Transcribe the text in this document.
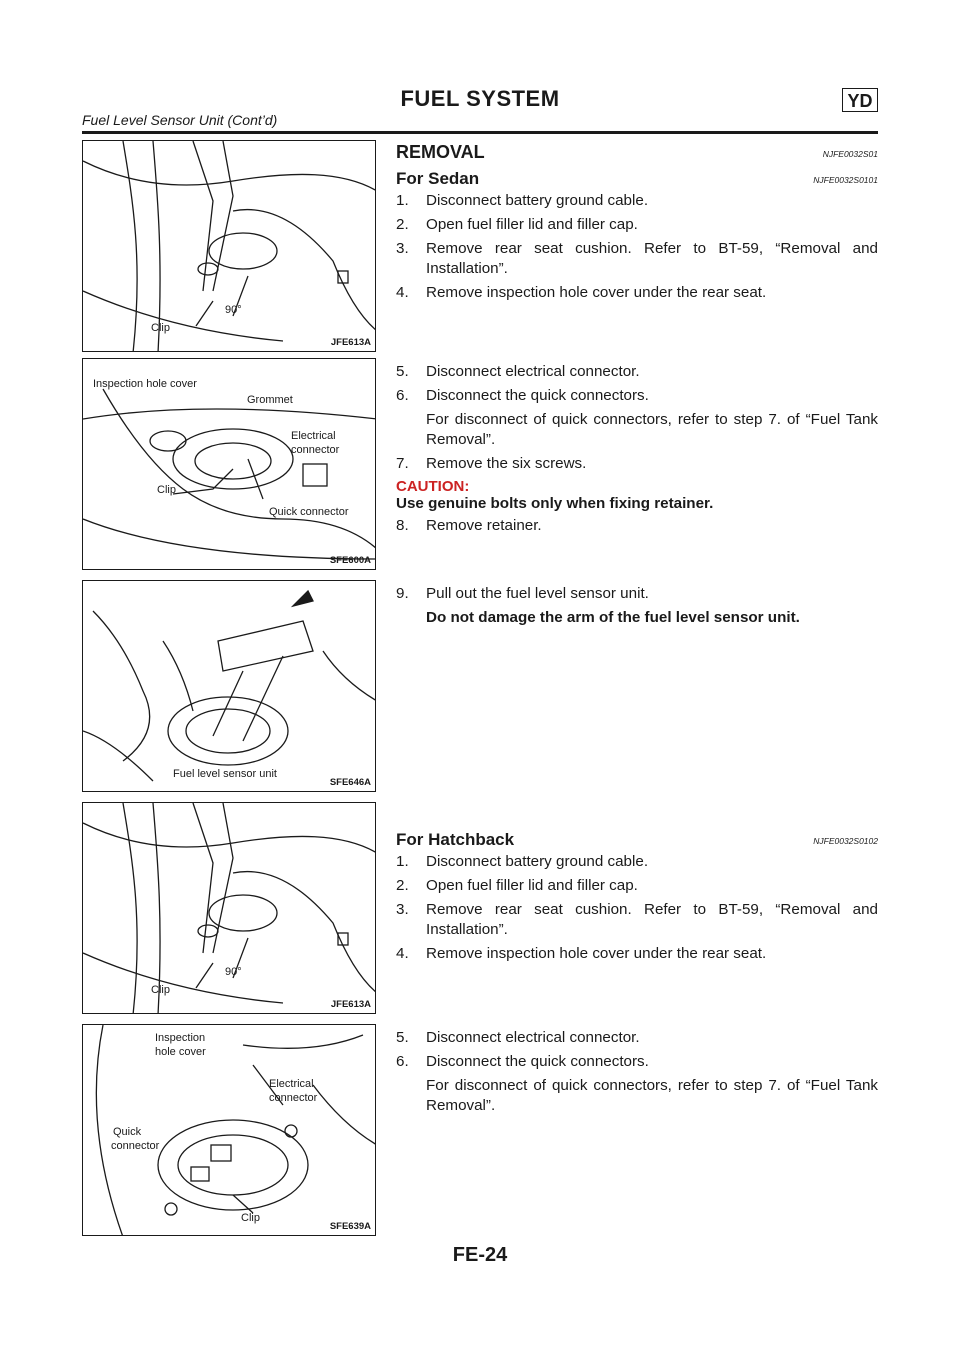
FUEL SYSTEM	YD
Fuel Level Sensor Unit (Cont’d)
90°
Clip
JFE613A
Inspection hole cover
Grommet
Electrical
connector
Clip
Quick connector
SFE600A
Fuel level sensor unit
SFE646A
90°
Clip
JFE613A
Inspection
hole cover
Electrical
connector
Quick
connector
Clip
SFE639A
REMOVAL	NJFE0032S01
For Sedan	NJFE0032S0101

1. Disconnect battery ground cable.

2. Open fuel filler lid and filler cap.

3. Remove rear seat cushion. Refer to BT-59, “Removal and Installation”.

4. Remove inspection hole cover under the rear seat.

5. Disconnect electrical connector.

6. Disconnect the quick connectors.

For disconnect of quick connectors, refer to step 7. of “Fuel Tank Removal”.

7. Remove the six screws.

CAUTION:

Use genuine bolts only when fixing retainer.

8. Remove retainer.

9. Pull out the fuel level sensor unit.

Do not damage the arm of the fuel level sensor unit.

For Hatchback	NJFE0032S0102

1. Disconnect battery ground cable.

2. Open fuel filler lid and filler cap.

3. Remove rear seat cushion. Refer to BT-59, “Removal and Installation”.

4. Remove inspection hole cover under the rear seat.

5. Disconnect electrical connector.

6. Disconnect the quick connectors.

For disconnect of quick connectors, refer to step 7. of “Fuel Tank Removal”.

FE-24
